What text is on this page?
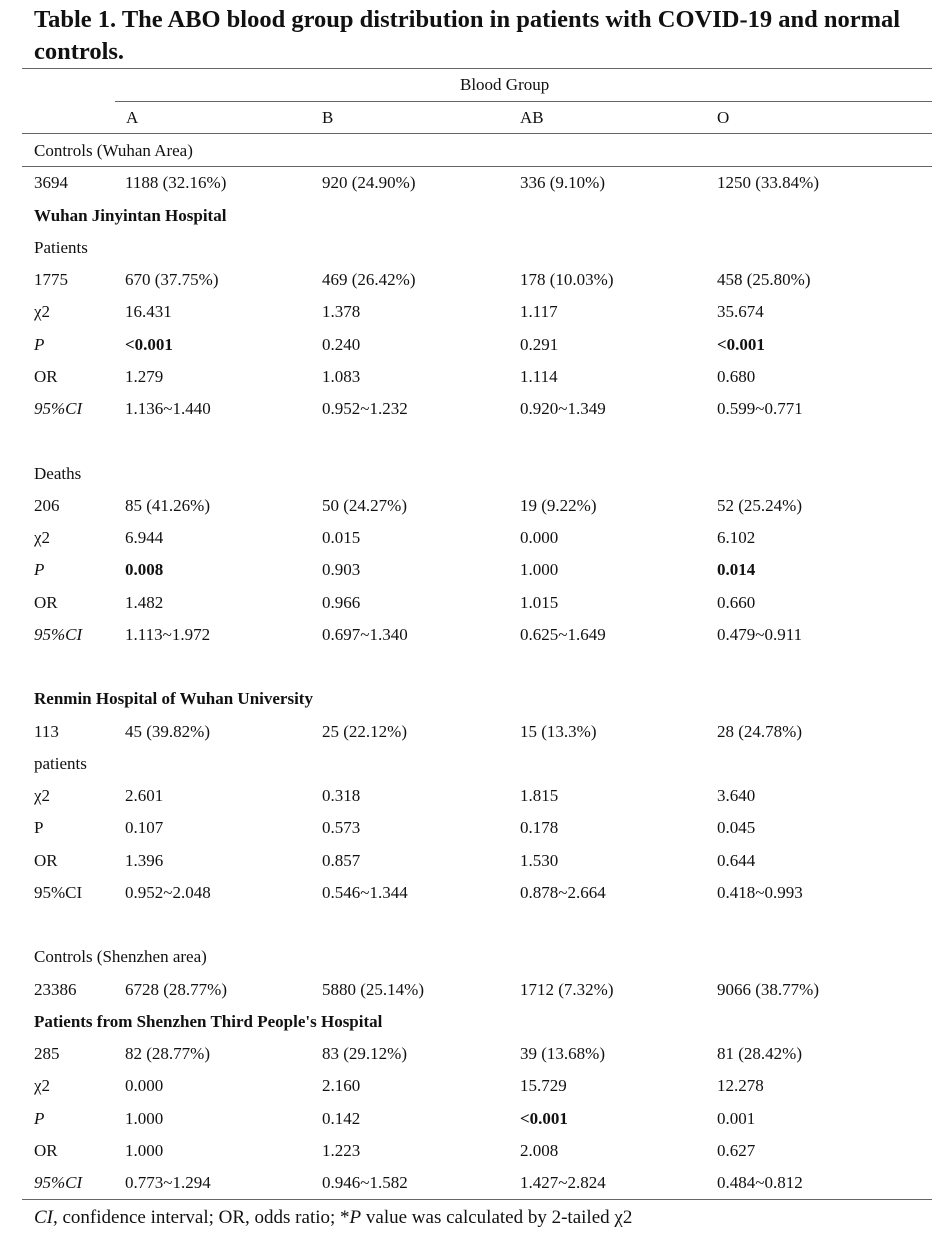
Table 1. The ABO blood group distribution in patients with COVID-19 and normal controls.
Blood Group
A	B	AB	O
Controls (Wuhan Area)
3694	1188 (32.16%)	920 (24.90%)	336 (9.10%)	1250 (33.84%)
Wuhan Jinyintan Hospital
Patients
1775	670 (37.75%)	469 (26.42%)	178 (10.03%)	458 (25.80%)
χ2	16.431	1.378	1.117	35.674
P	<0.001	0.240	0.291	<0.001
OR	1.279	1.083	1.114	0.680
95%CI	1.136~1.440	0.952~1.232	0.920~1.349	0.599~0.771
Deaths
206	85 (41.26%)	50 (24.27%)	19 (9.22%)	52 (25.24%)
χ2	6.944	0.015	0.000	6.102
P	0.008	0.903	1.000	0.014
OR	1.482	0.966	1.015	0.660
95%CI	1.113~1.972	0.697~1.340	0.625~1.649	0.479~0.911
Renmin Hospital of Wuhan University
113	45 (39.82%)	25 (22.12%)	15 (13.3%)	28 (24.78%)
patients
χ2	2.601	0.318	1.815	3.640
P	0.107	0.573	0.178	0.045
OR	1.396	0.857	1.530	0.644
95%CI	0.952~2.048	0.546~1.344	0.878~2.664	0.418~0.993
Controls (Shenzhen area)
23386	6728 (28.77%)	5880 (25.14%)	1712 (7.32%)	9066 (38.77%)
Patients from Shenzhen Third People's Hospital
285	82 (28.77%)	83 (29.12%)	39 (13.68%)	81 (28.42%)
χ2	0.000	2.160	15.729	12.278
P	1.000	0.142	<0.001	0.001
OR	1.000	1.223	2.008	0.627
95%CI	0.773~1.294	0.946~1.582	1.427~2.824	0.484~0.812
CI, confidence interval; OR, odds ratio; *P value was calculated by 2-tailed χ2
